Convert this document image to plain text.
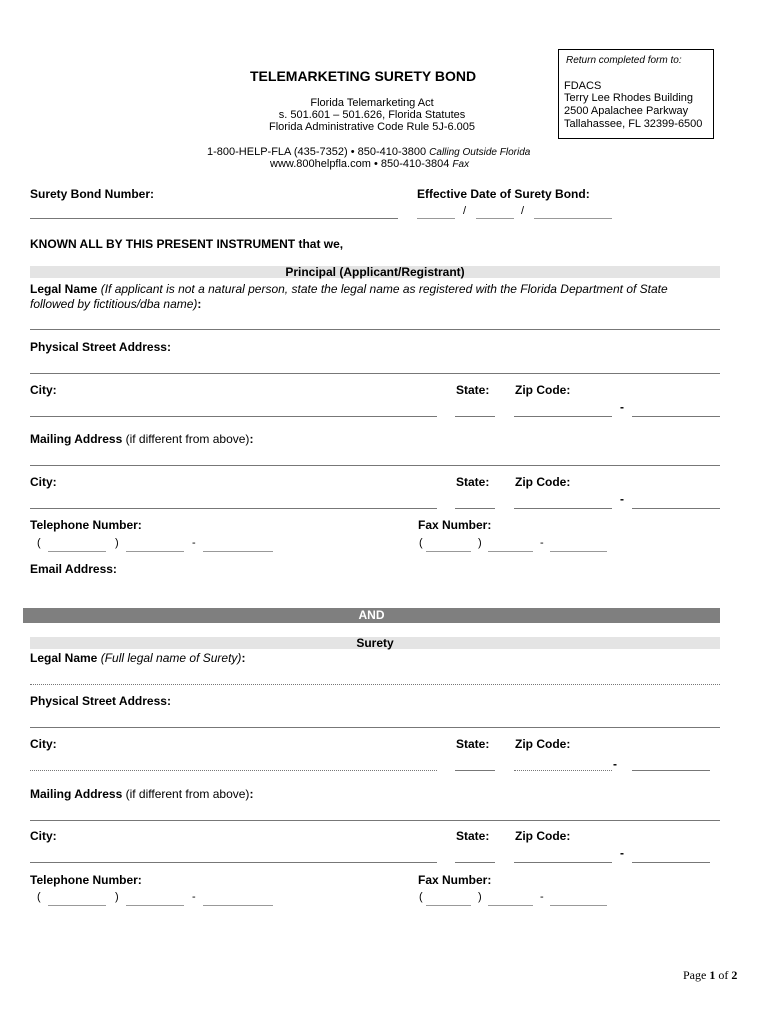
TELEMARKETING SURETY BOND
Florida Telemarketing Act
s. 501.601 – 501.626, Florida Statutes
Florida Administrative Code Rule 5J-6.005
1-800-HELP-FLA (435-7352) • 850-410-3800 Calling Outside Florida
www.800helpfla.com • 850-410-3804 Fax
Return completed form to:
FDACS
Terry Lee Rhodes Building
2500 Apalachee Parkway
Tallahassee, FL 32399-6500
Surety Bond Number:	Effective Date of Surety Bond:
/	/
KNOWN ALL BY THIS PRESENT INSTRUMENT that we,
Principal (Applicant/Registrant)
Legal Name (If applicant is not a natural person, state the legal name as registered with the Florida Department of State
followed by fictitious/dba name):
Physical Street Address:
City:	State: Zip Code:
-
Mailing Address (if different from above):
City:	State: Zip Code:
-
Telephone Number:	Fax Number:
(	)	-	(	)	-
Email Address:
AND
Surety
Legal Name (Full legal name of Surety):
Physical Street Address:
City:	State: Zip Code:
-
Mailing Address (if different from above):
City:	State: Zip Code:
-
Telephone Number:	Fax Number:
(	)	-	(	)	-
Page 1 of 2
